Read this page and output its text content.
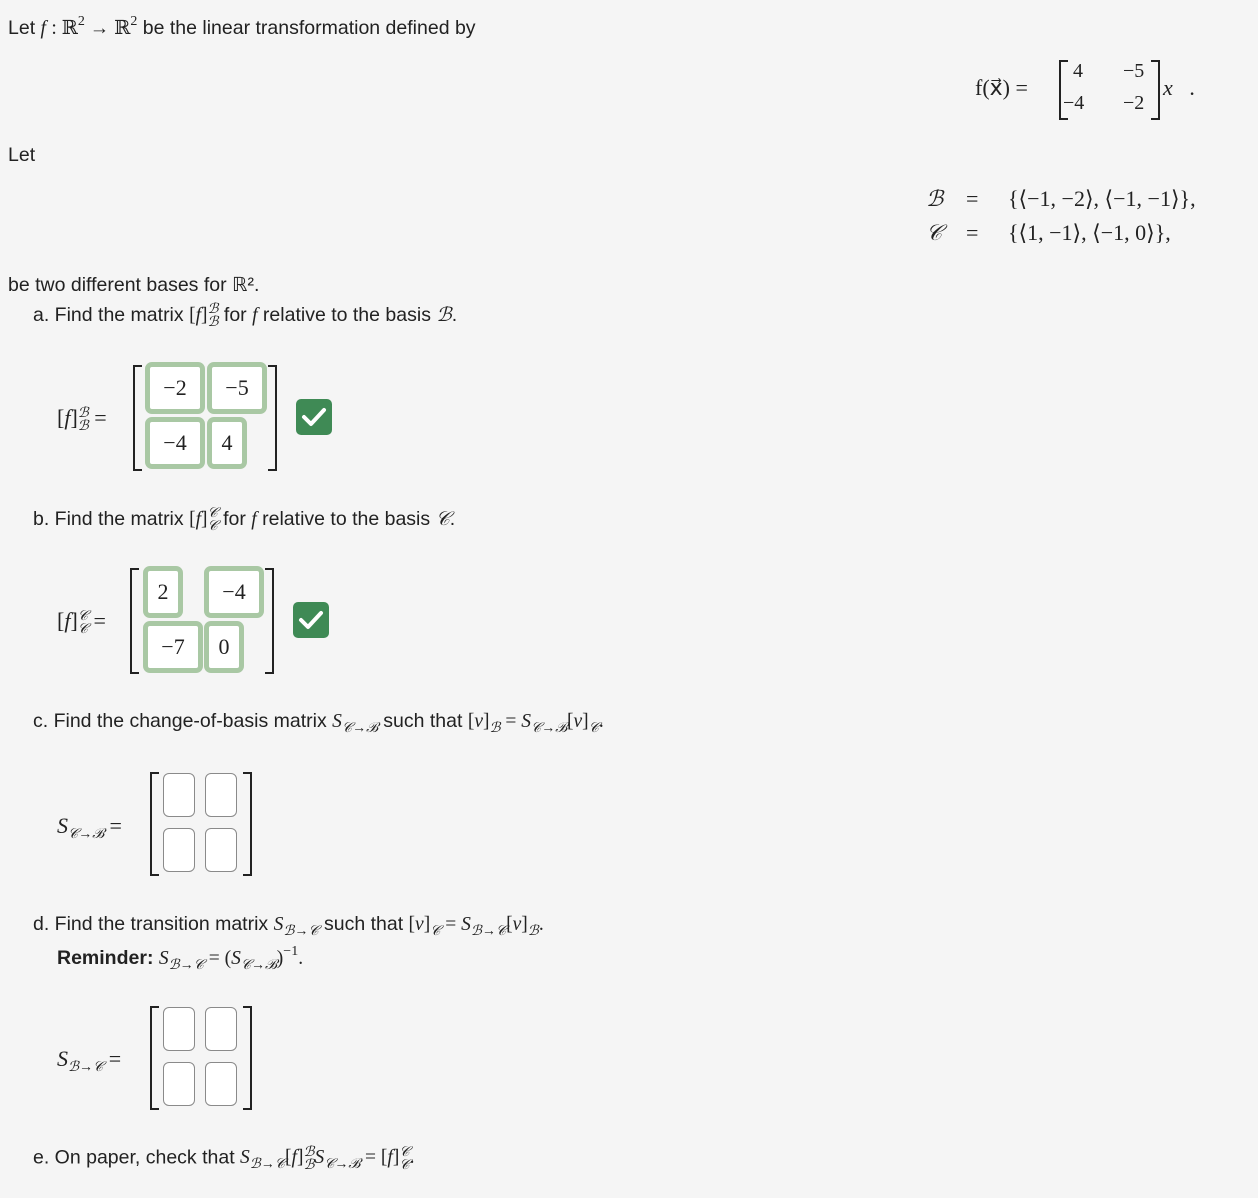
Let f : ℝ$^2$ → ℝ$^2$ be the linear transformation defined by
f(x⃗) =
4 −5
−4 −2
x⃗.
Let
ℬ = {⟨−1, −2⟩, ⟨−1, −1⟩},
𝒞 = {⟨1, −1⟩, ⟨−1, 0⟩},
be two different bases for ℝ².
a. Find the matrix [f] ℬ
ℬ for f relative to the basis ℬ.
[f] ℬ
ℬ =
−2	−5
−4	4
b. Find the matrix [f] 𝒞
𝒞 for f relative to the basis 𝒞.
[f] 𝒞
𝒞 =
2	−4
−7	0
c. Find the change-of-basis matrix $S_{𝒞\to ℬ}$ such that $[v]_ℬ = S_{𝒞\to ℬ}[v]_𝒞$.
$S_{𝒞\to ℬ}$ =
d. Find the transition matrix $S_{ℬ\to 𝒞}$ such that $[v]_𝒞 = S_{ℬ\to 𝒞}[v]_ℬ$.
Reminder: $S_{ℬ\to 𝒞} = (S_{𝒞\to ℬ})^{-1}$.
$S_{ℬ\to 𝒞}$ =
e. On paper, check that $S_{ℬ\to 𝒞}[f]$ ℬ
ℬ $S_{𝒞\to ℬ} = [f]$ 𝒞
𝒞 .
